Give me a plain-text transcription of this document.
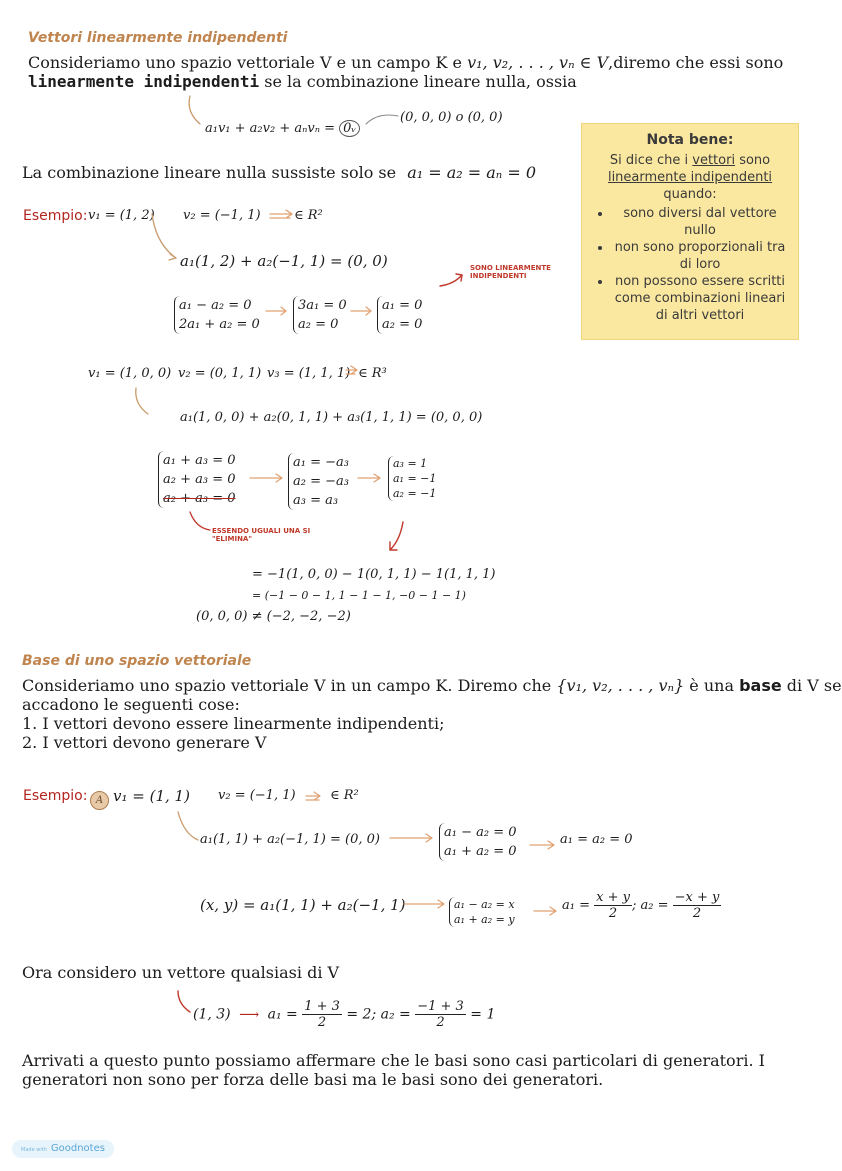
Vettori linearmente indipendenti
Consideriamo uno spazio vettoriale V e un campo K e v₁, v₂, . . . , vₙ ∈ V,diremo che essi sono
linearmente indipendenti se la combinazione lineare nulla, ossia
a₁v₁ + a₂v₂ + aₙvₙ = 0ᵥ
(0, 0, 0) o (0, 0)
La combinazione lineare nulla sussiste solo se a₁ = a₂ = aₙ = 0
Nota bene:

Si dice che i vettori sono

linearmente indipendenti

quando:

• sono diversi dal vettore nullo
• non sono proporzionali tra di loro
• non possono essere scritti come combinazioni lineari di altri vettori
Esempio: v₁ = (1, 2) v₂ = (−1, 1)	∈ R²
a₁(1, 2) + a₂(−1, 1) = (0, 0)
a₁ − a₂ = 0
2a₁ + a₂ = 0
3a₁ = 0
a₂ = 0
a₁ = 0
a₂ = 0
SONO LINEARMENTE INDIPENDENTI
v₁ = (1, 0, 0) v₂ = (0, 1, 1) v₃ = (1, 1, 1) ∈ R³
a₁(1, 0, 0) + a₂(0, 1, 1) + a₃(1, 1, 1) = (0, 0, 0)
a₁ + a₃ = 0
a₂ + a₃ = 0
a₂ + a₃ = 0
a₁ = −a₃
a₂ = −a₃
a₃ = a₃
a₃ = 1
a₁ = −1
a₂ = −1
ESSENDO UGUALI UNA SI "ELIMINA"
= −1(1, 0, 0) − 1(0, 1, 1) − 1(1, 1, 1)
= (−1 − 0 − 1, 1 − 1 − 1, −0 − 1 − 1)
(0, 0, 0) ≠ (−2, −2, −2)
Base di uno spazio vettoriale
Consideriamo uno spazio vettoriale V in un campo K. Diremo che {v₁, v₂, . . . , vₙ} è una base di V se
accadono le seguenti cose:
1. I vettori devono essere linearmente indipendenti;
2. I vettori devono generare V
Esempio: A v₁ = (1, 1) v₂ = (−1, 1)	∈ R²
a₁(1, 1) + a₂(−1, 1) = (0, 0)	a₁ − a₂ = 0
a₁ + a₂ = 0
a₁ = a₂ = 0
(x, y) = a₁(1, 1) + a₂(−1, 1)	a₁ − a₂ = x
a₁ + a₂ = y
$a_1 = \frac{x + y}{2}$ ; $a_2 = \frac{-x + y}{2}$
Ora considero un vettore qualsiasi di V
(1, 3) ⟶ $a_1 = \frac{1 + 3}{2} = 2$; $a_2 = \frac{-1 + 3}{2} = 1$
Arrivati a questo punto possiamo affermare che le basi sono casi particolari di generatori. I
generatori non sono per forza delle basi ma le basi sono dei generatori.
Made with Goodnotes
